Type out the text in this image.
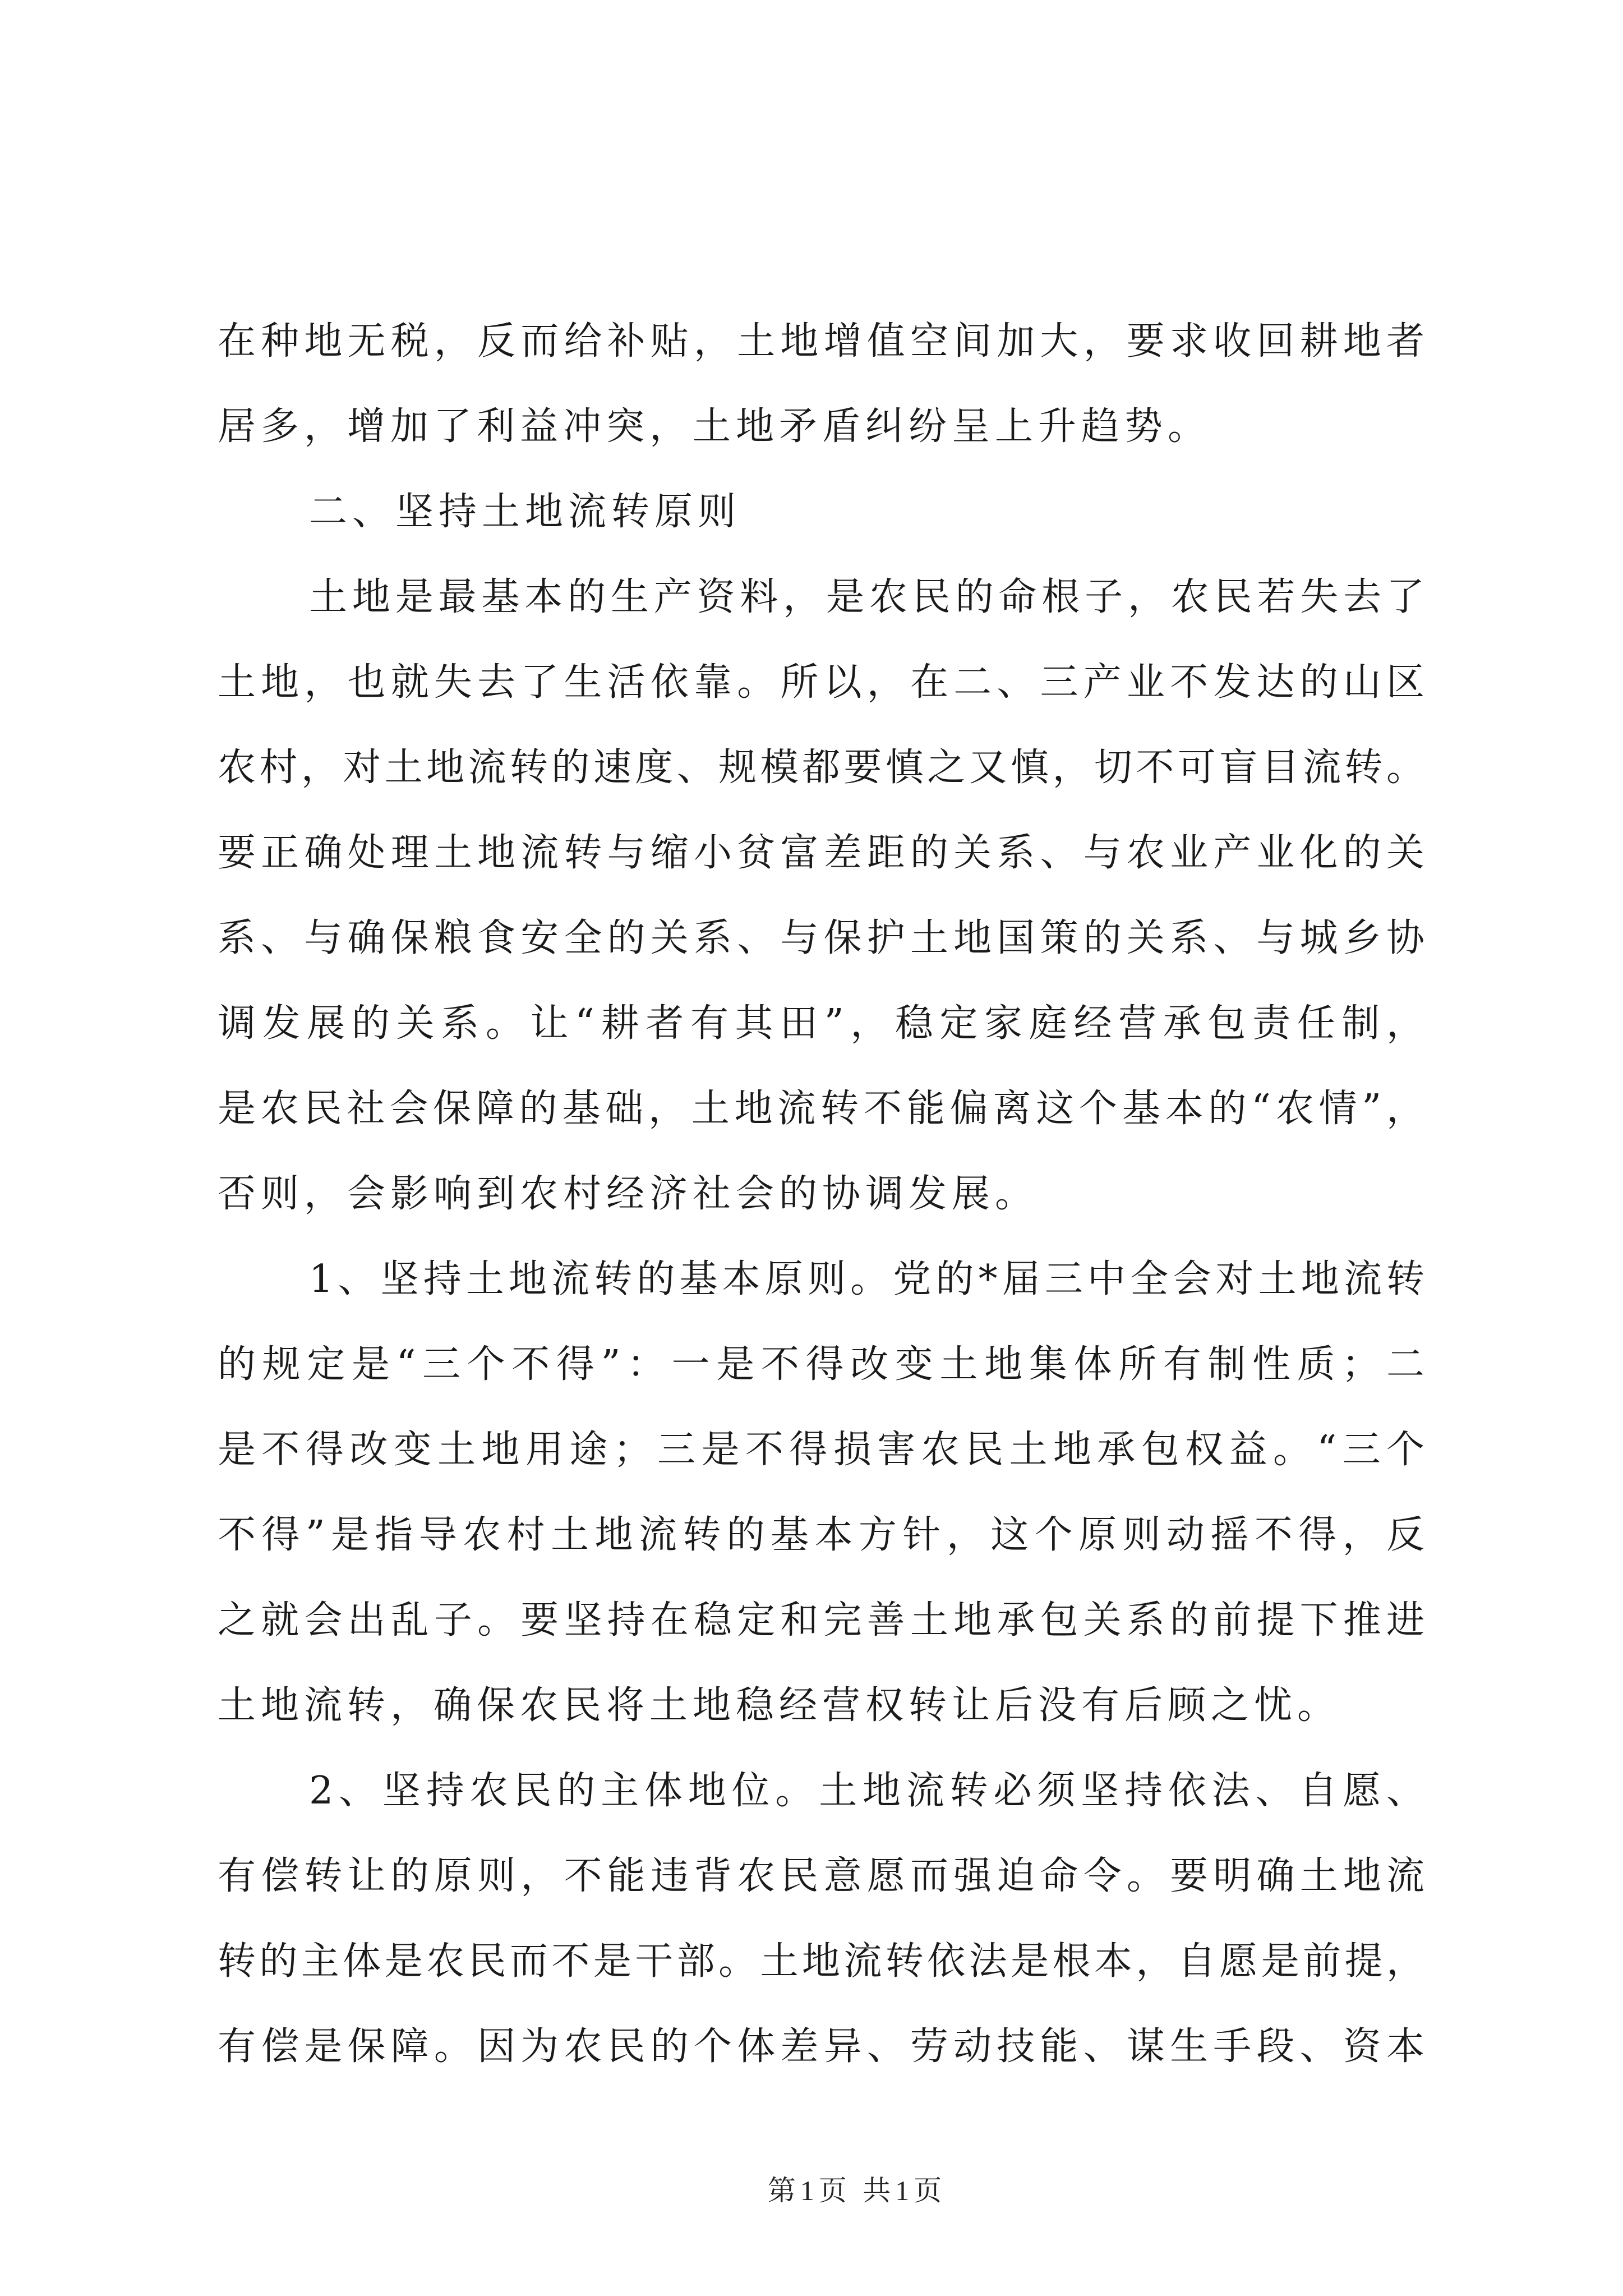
在种地无税，反而给补贴，土地增值空间加大，要求收回耕地者
居多，增加了利益冲突，土地矛盾纠纷呈上升趋势。
二、坚持土地流转原则
土地是最基本的生产资料，是农民的命根子，农民若失去了
土地，也就失去了生活依靠。所以，在二、三产业不发达的山区
农村，对土地流转的速度、规模都要慎之又慎，切不可盲目流转。
要正确处理土地流转与缩小贫富差距的关系、与农业产业化的关
系、与确保粮食安全的关系、与保护土地国策的关系、与城乡协
调发展的关系。让“耕者有其田”，稳定家庭经营承包责任制，
是农民社会保障的基础，土地流转不能偏离这个基本的“农情”，
否则，会影响到农村经济社会的协调发展。
1、坚持土地流转的基本原则。党的*届三中全会对土地流转
的规定是“三个不得”：一是不得改变土地集体所有制性质；二
是不得改变土地用途；三是不得损害农民土地承包权益。“三个
不得”是指导农村土地流转的基本方针，这个原则动摇不得，反
之就会出乱子。要坚持在稳定和完善土地承包关系的前提下推进
土地流转，确保农民将土地稳经营权转让后没有后顾之忧。
2、坚持农民的主体地位。土地流转必须坚持依法、自愿、
有偿转让的原则，不能违背农民意愿而强迫命令。要明确土地流
转的主体是农民而不是干部。土地流转依法是根本，自愿是前提，
有偿是保障。因为农民的个体差异、劳动技能、谋生手段、资本
第1页 共1页
